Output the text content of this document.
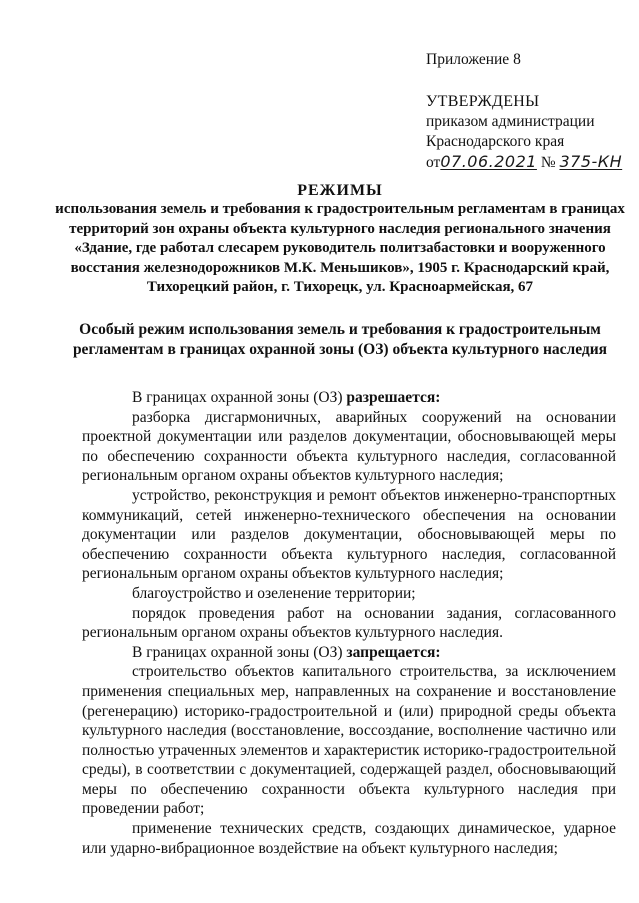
Приложение 8
УТВЕРЖДЕНЫ
приказом администрации
Краснодарского края
от07.06.2021 № 375-КН
РЕЖИМЫ
использования земель и требования к градостроительным регламентам в границах территорий зон охраны объекта культурного наследия регионального значения «Здание, где работал слесарем руководитель политзабастовки и вооруженного восстания железнодорожников М.К. Меньшиков», 1905 г. Краснодарский край, Тихорецкий район, г. Тихорецк, ул. Красноармейская, 67
Особый режим использования земель и требования к градостроительным регламентам в границах охранной зоны (ОЗ) объекта культурного наследия

В границах охранной зоны (ОЗ) разрешается:

разборка дисгармоничных, аварийных сооружений на основании проектной документации или разделов документации, обосновывающей меры по обеспечению сохранности объекта культурного наследия, согласованной региональным органом охраны объектов культурного наследия;

устройство, реконструкция и ремонт объектов инженерно-транспортных коммуникаций, сетей инженерно-технического обеспечения на основании документации или разделов документации, обосновывающей меры по обеспечению сохранности объекта культурного наследия, согласованной региональным органом охраны объектов культурного наследия;

благоустройство и озеленение территории;

порядок проведения работ на основании задания, согласованного региональным органом охраны объектов культурного наследия.

В границах охранной зоны (ОЗ) запрещается:

строительство объектов капитального строительства, за исключением применения специальных мер, направленных на сохранение и восстановление (регенерацию) историко-градостроительной и (или) природной среды объекта культурного наследия (восстановление, воссоздание, восполнение частично или полностью утраченных элементов и характеристик историко-градостроительной среды), в соответствии с документацией, содержащей раздел, обосновывающий меры по обеспечению сохранности объекта культурного наследия при проведении работ;

применение технических средств, создающих динамическое, ударное или ударно-вибрационное воздействие на объект культурного наследия;
